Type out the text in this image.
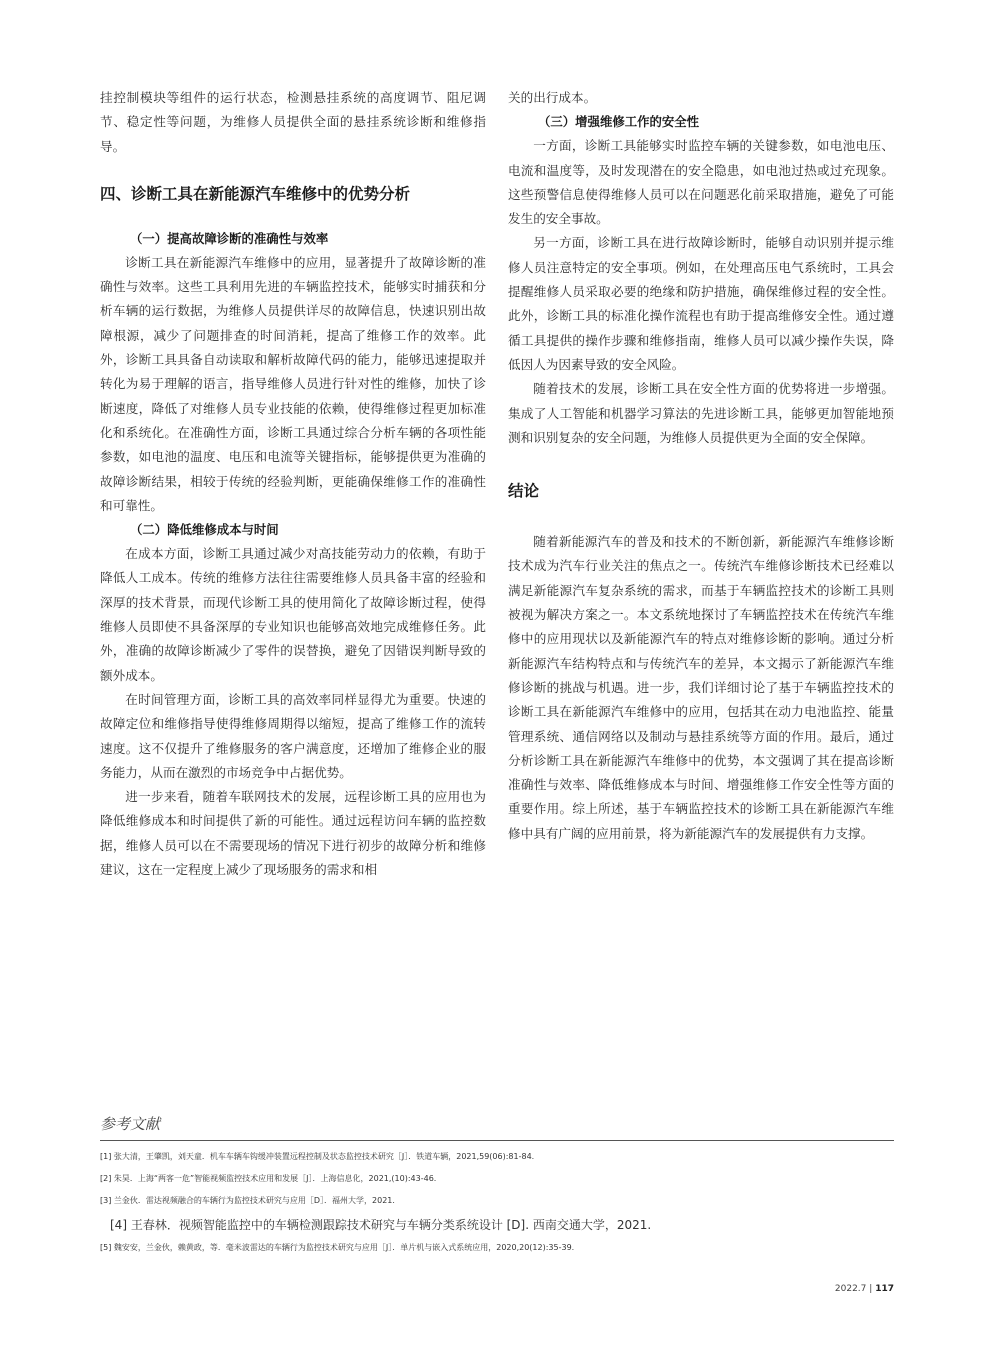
挂控制模块等组件的运行状态，检测悬挂系统的高度调节、阻尼调节、稳定性等问题，为维修人员提供全面的悬挂系统诊断和维修指导。

四、诊断工具在新能源汽车维修中的优势分析
（一）提高故障诊断的准确性与效率

诊断工具在新能源汽车维修中的应用，显著提升了故障诊断的准确性与效率。这些工具利用先进的车辆监控技术，能够实时捕获和分析车辆的运行数据，为维修人员提供详尽的故障信息，快速识别出故障根源，减少了问题排查的时间消耗，提高了维修工作的效率。此外，诊断工具具备自动读取和解析故障代码的能力，能够迅速提取并转化为易于理解的语言，指导维修人员进行针对性的维修，加快了诊断速度，降低了对维修人员专业技能的依赖，使得维修过程更加标准化和系统化。在准确性方面，诊断工具通过综合分析车辆的各项性能参数，如电池的温度、电压和电流等关键指标，能够提供更为准确的故障诊断结果，相较于传统的经验判断，更能确保维修工作的准确性和可靠性。

（二）降低维修成本与时间

在成本方面，诊断工具通过减少对高技能劳动力的依赖，有助于降低人工成本。传统的维修方法往往需要维修人员具备丰富的经验和深厚的技术背景，而现代诊断工具的使用简化了故障诊断过程，使得维修人员即使不具备深厚的专业知识也能够高效地完成维修任务。此外，准确的故障诊断减少了零件的误替换，避免了因错误判断导致的额外成本。

在时间管理方面，诊断工具的高效率同样显得尤为重要。快速的故障定位和维修指导使得维修周期得以缩短，提高了维修工作的流转速度。这不仅提升了维修服务的客户满意度，还增加了维修企业的服务能力，从而在激烈的市场竞争中占据优势。

进一步来看，随着车联网技术的发展，远程诊断工具的应用也为降低维修成本和时间提供了新的可能性。通过远程访问车辆的监控数据，维修人员可以在不需要现场的情况下进行初步的故障分析和维修建议，这在一定程度上减少了现场服务的需求和相

关的出行成本。

（三）增强维修工作的安全性

一方面，诊断工具能够实时监控车辆的关键参数，如电池电压、电流和温度等，及时发现潜在的安全隐患，如电池过热或过充现象。这些预警信息使得维修人员可以在问题恶化前采取措施，避免了可能发生的安全事故。

另一方面，诊断工具在进行故障诊断时，能够自动识别并提示维修人员注意特定的安全事项。例如，在处理高压电气系统时，工具会提醒维修人员采取必要的绝缘和防护措施，确保维修过程的安全性。此外，诊断工具的标准化操作流程也有助于提高维修安全性。通过遵循工具提供的操作步骤和维修指南，维修人员可以减少操作失误，降低因人为因素导致的安全风险。

随着技术的发展，诊断工具在安全性方面的优势将进一步增强。集成了人工智能和机器学习算法的先进诊断工具，能够更加智能地预测和识别复杂的安全问题，为维修人员提供更为全面的安全保障。

结论

随着新能源汽车的普及和技术的不断创新，新能源汽车维修诊断技术成为汽车行业关注的焦点之一。传统汽车维修诊断技术已经难以满足新能源汽车复杂系统的需求，而基于车辆监控技术的诊断工具则被视为解决方案之一。本文系统地探讨了车辆监控技术在传统汽车维修中的应用现状以及新能源汽车的特点对维修诊断的影响。通过分析新能源汽车结构特点和与传统汽车的差异，本文揭示了新能源汽车维修诊断的挑战与机遇。进一步，我们详细讨论了基于车辆监控技术的诊断工具在新能源汽车维修中的应用，包括其在动力电池监控、能量管理系统、通信网络以及制动与悬挂系统等方面的作用。最后，通过分析诊断工具在新能源汽车维修中的优势，本文强调了其在提高诊断准确性与效率、降低维修成本与时间、增强维修工作安全性等方面的重要作用。综上所述，基于车辆监控技术的诊断工具在新能源汽车维修中具有广阔的应用前景，将为新能源汽车的发展提供有力支撑。

参考文献
[1] 张大清，王肇凯，刘天童．机车车辆车钩缓冲装置远程控制及状态监控技术研究［J］．铁道车辆，2021,59(06):81-84.
[2] 朱昊．上海“两客一危”智能视频监控技术应用和发展［J］．上海信息化，2021,(10):43-46.
[3] 兰金伙．雷达视频融合的车辆行为监控技术研究与应用［D］．福州大学，2021.
[4] 王春林．视频智能监控中的车辆检测跟踪技术研究与车辆分类系统设计 [D]. 西南交通大学，2021.
[5] 魏安安，兰金伙，赖黄政，等．毫米波雷达的车辆行为监控技术研究与应用［J］．单片机与嵌入式系统应用，2020,20(12):35-39.
2022.7 | 117
